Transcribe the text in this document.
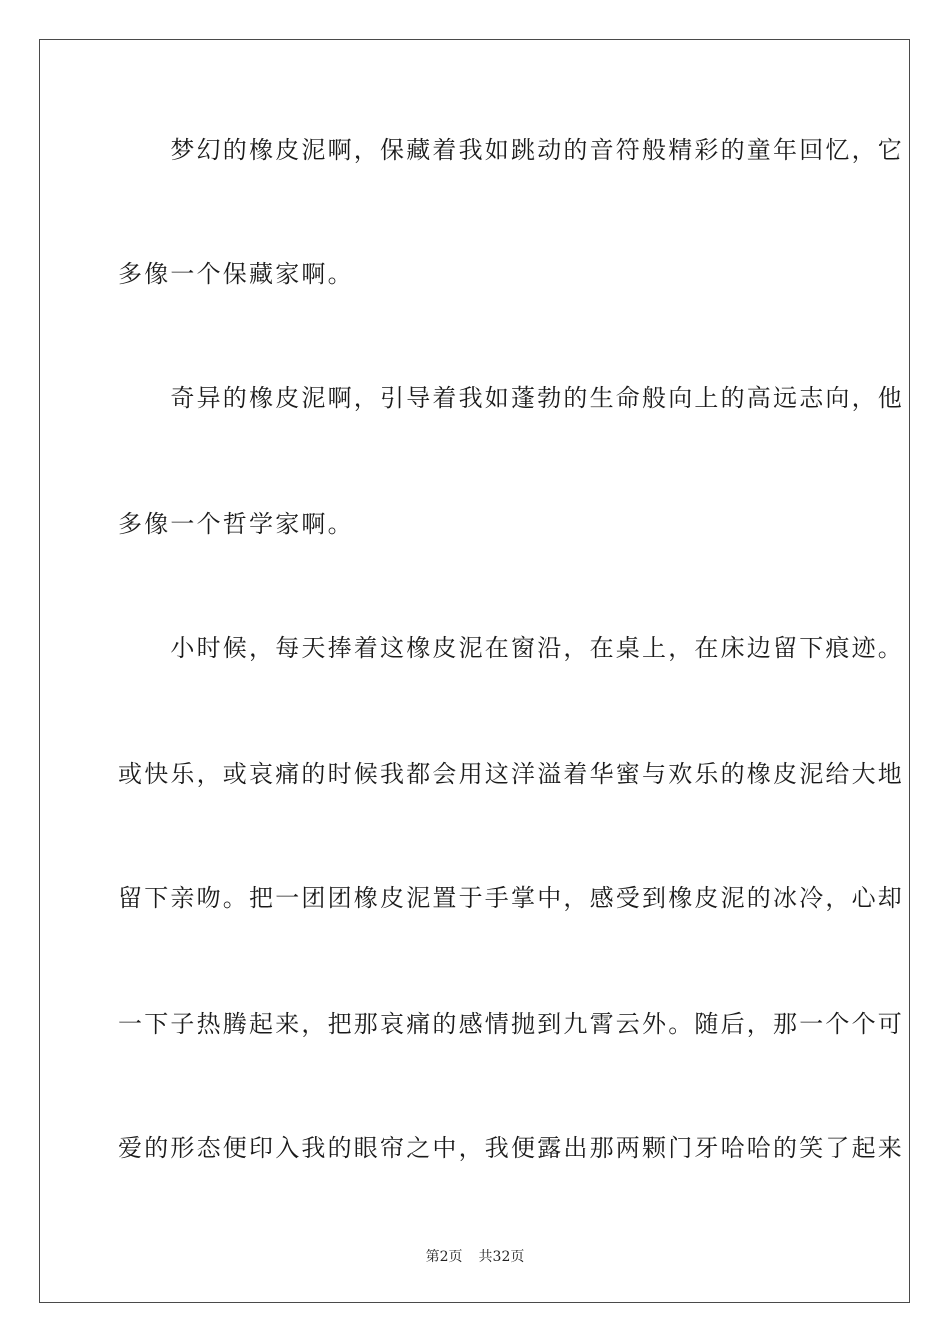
　　梦幻的橡皮泥啊，保藏着我如跳动的音符般精彩的童年回忆，它
多像一个保藏家啊。
　　奇异的橡皮泥啊，引导着我如蓬勃的生命般向上的高远志向，他
多像一个哲学家啊。
　　小时候，每天捧着这橡皮泥在窗沿，在桌上，在床边留下痕迹。
或快乐，或哀痛的时候我都会用这洋溢着华蜜与欢乐的橡皮泥给大地
留下亲吻。把一团团橡皮泥置于手掌中，感受到橡皮泥的冰冷，心却
一下子热腾起来，把那哀痛的感情抛到九霄云外。随后，那一个个可
爱的形态便印入我的眼帘之中，我便露出那两颗门牙哈哈的笑了起来
第2页 共32页
